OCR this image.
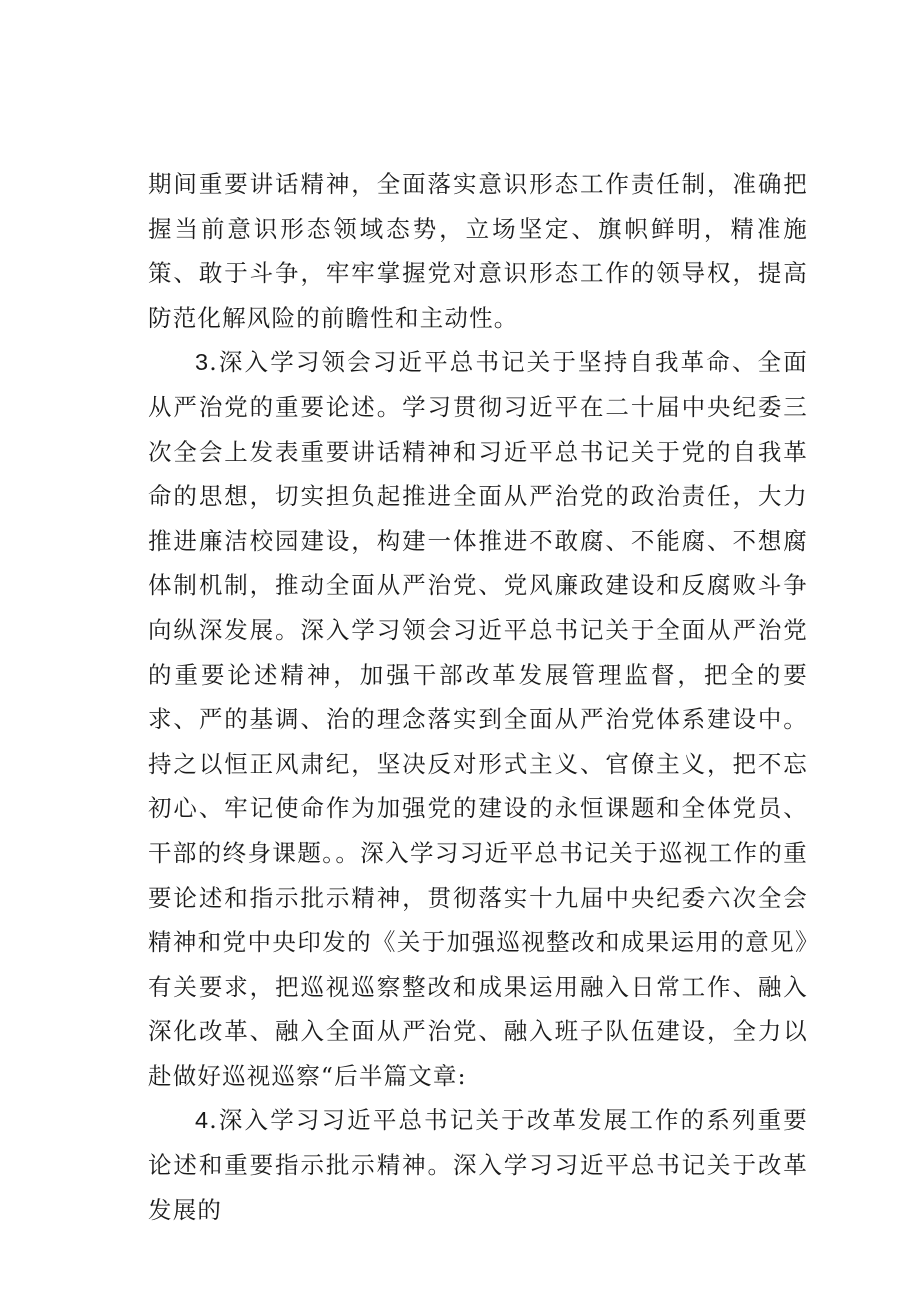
期间重要讲话精神，全面落实意识形态工作责任制，准确把握当前意识形态领域态势，立场坚定、旗帜鲜明，精准施策、敢于斗争，牢牢掌握党对意识形态工作的领导权，提高防范化解风险的前瞻性和主动性。

3.深入学习领会习近平总书记关于坚持自我革命、全面从严治党的重要论述。学习贯彻习近平在二十届中央纪委三次全会上发表重要讲话精神和习近平总书记关于党的自我革命的思想，切实担负起推进全面从严治党的政治责任，大力推进廉洁校园建设，构建一体推进不敢腐、不能腐、不想腐体制机制，推动全面从严治党、党风廉政建设和反腐败斗争向纵深发展。深入学习领会习近平总书记关于全面从严治党的重要论述精神，加强干部改革发展管理监督，把全的要求、严的基调、治的理念落实到全面从严治党体系建设中。持之以恒正风肃纪，坚决反对形式主义、官僚主义，把不忘初心、牢记使命作为加强党的建设的永恒课题和全体党员、干部的终身课题。。深入学习习近平总书记关于巡视工作的重要论述和指示批示精神，贯彻落实十九届中央纪委六次全会精神和党中央印发的《关于加强巡视整改和成果运用的意见》有关要求，把巡视巡察整改和成果运用融入日常工作、融入深化改革、融入全面从严治党、融入班子队伍建设，全力以赴做好巡视巡察“后半篇文章:

4.深入学习习近平总书记关于改革发展工作的系列重要论述和重要指示批示精神。深入学习习近平总书记关于改革发展的
